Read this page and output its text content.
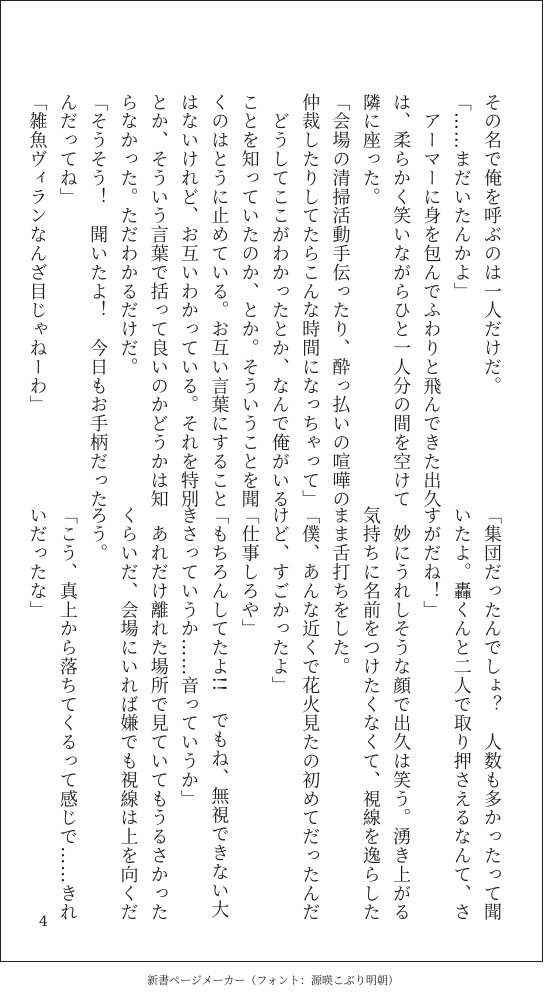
その名で俺を呼ぶのは一人だけだ。
「……まだいたんかよ」
　アーマーに身を包んでふわりと飛んできた出久
は、柔らかく笑いながらひと一人分の間を空けて
隣に座った。
「会場の清掃活動手伝ったり、酔っ払いの喧嘩の
仲裁したりしてたらこんな時間になっちゃって」
　どうしてここがわかったとか、なんで俺がいる
ことを知っていたのか、とか。そういうことを聞
くのはとうに止めている。お互い言葉にすること
はないけれど、お互いわかっている。それを特別
とか、そういう言葉で括って良いのかどうかは知
らなかった。ただわかるだけだ。
「そうそう！　聞いたよ！　今日もお手柄だった
んだってね」
「雑魚ヴィランなんざ目じゃねーわ」
「集団だったんでしょ？　人数も多かったって聞
いたよ。轟くんと二人で取り押さえるなんて、さ
すがだね！」
　妙にうれしそうな顔で出久は笑う。湧き上がる
気持ちに名前をつけたくなくて、視線を逸らした
まま舌打ちをした。
「僕、あんな近くで花火見たの初めてだったんだ
けど、すごかったよ」
「仕事しろや」
「もちろんしてたよ!!　でもね、無視できない大
きさっていうか……音っていうか」
　あれだけ離れた場所で見ていてもうるさかった
くらいだ、会場にいれば嫌でも視線は上を向くだ
ろう。
「こう、真上から落ちてくるって感じで……きれ
いだったな」
4
新書ページメーカー（フォント：源暎こぶり明朝）
